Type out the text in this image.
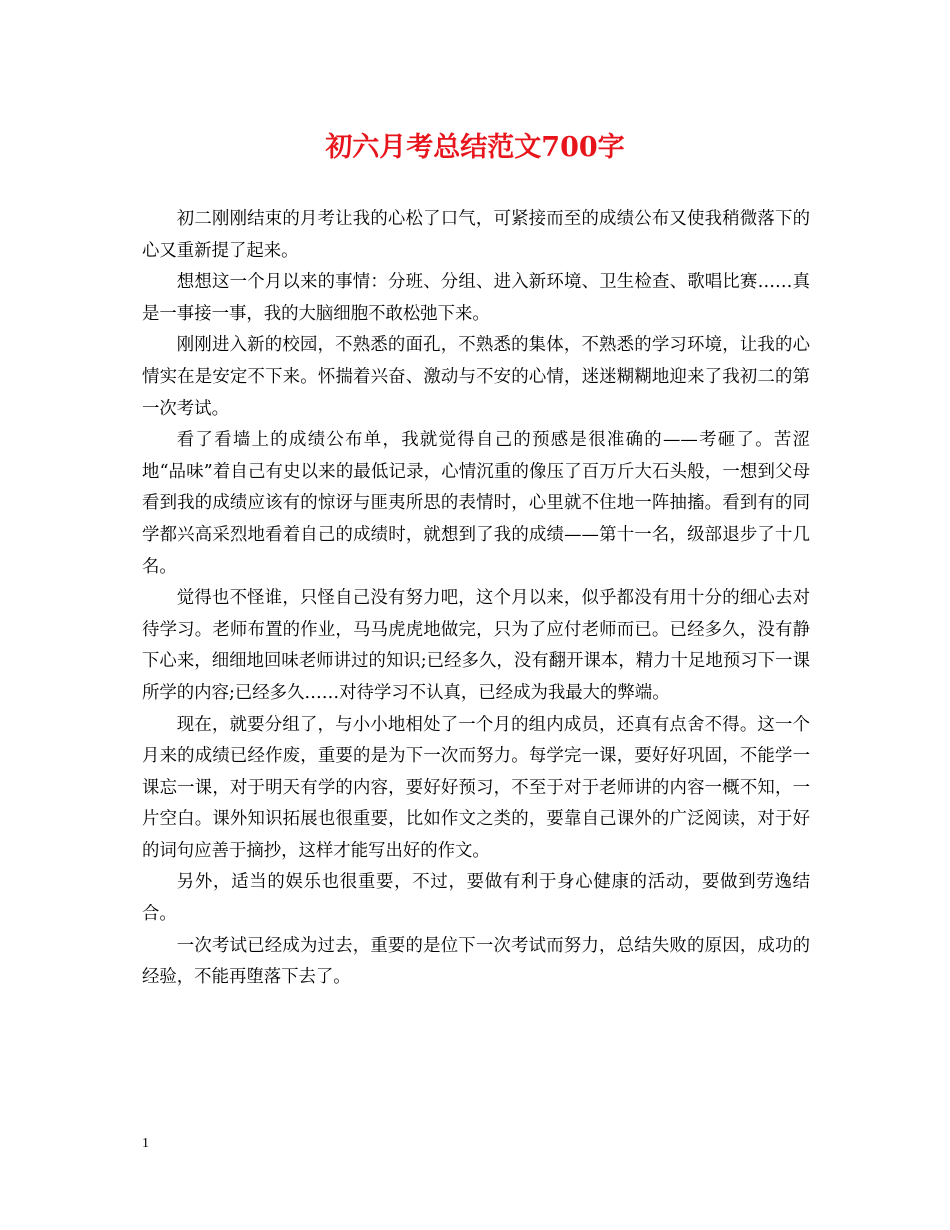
初六月考总结范文700字

初二刚刚结束的月考让我的心松了口气，可紧接而至的成绩公布又使我稍微落下的心又重新提了起来。

想想这一个月以来的事情：分班、分组、进入新环境、卫生检查、歌唱比赛……真是一事接一事，我的大脑细胞不敢松弛下来。

刚刚进入新的校园，不熟悉的面孔，不熟悉的集体，不熟悉的学习环境，让我的心情实在是安定不下来。怀揣着兴奋、激动与不安的心情，迷迷糊糊地迎来了我初二的第一次考试。

看了看墙上的成绩公布单，我就觉得自己的预感是很准确的——考砸了。苦涩地“品味”着自己有史以来的最低记录，心情沉重的像压了百万斤大石头般，一想到父母看到我的成绩应该有的惊讶与匪夷所思的表情时，心里就不住地一阵抽搐。看到有的同学都兴高采烈地看着自己的成绩时，就想到了我的成绩——第十一名，级部退步了十几名。

觉得也不怪谁，只怪自己没有努力吧，这个月以来，似乎都没有用十分的细心去对待学习。老师布置的作业，马马虎虎地做完，只为了应付老师而已。已经多久，没有静下心来，细细地回味老师讲过的知识;已经多久，没有翻开课本，精力十足地预习下一课所学的内容;已经多久……对待学习不认真，已经成为我最大的弊端。

现在，就要分组了，与小小地相处了一个月的组内成员，还真有点舍不得。这一个月来的成绩已经作废，重要的是为下一次而努力。每学完一课，要好好巩固，不能学一课忘一课，对于明天有学的内容，要好好预习，不至于对于老师讲的内容一概不知，一片空白。课外知识拓展也很重要，比如作文之类的，要靠自己课外的广泛阅读，对于好的词句应善于摘抄，这样才能写出好的作文。

另外，适当的娱乐也很重要，不过，要做有利于身心健康的活动，要做到劳逸结合。

一次考试已经成为过去，重要的是位下一次考试而努力，总结失败的原因，成功的经验，不能再堕落下去了。

1
